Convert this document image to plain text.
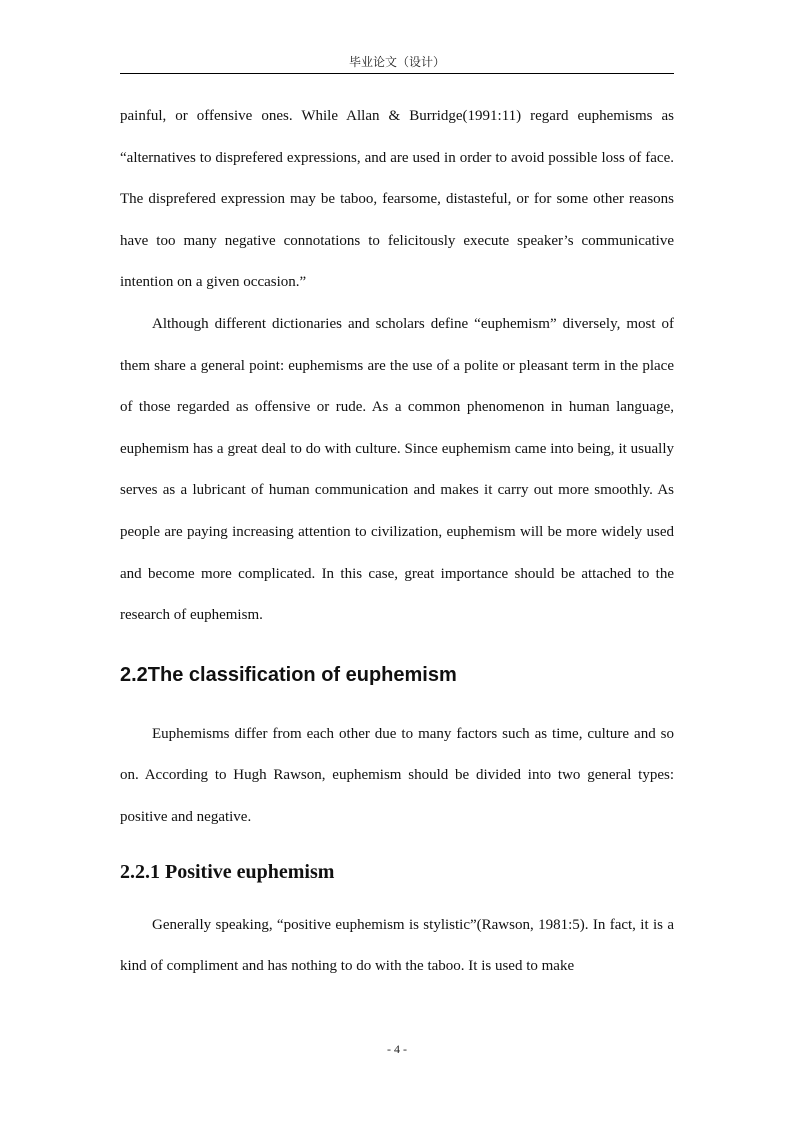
毕业论文（设计）

painful, or offensive ones. While Allan & Burridge(1991:11) regard euphemisms as “alternatives to disprefered expressions, and are used in order to avoid possible loss of face. The disprefered expression may be taboo, fearsome, distasteful, or for some other reasons have too many negative connotations to felicitously execute speaker’s communicative intention on a given occasion.”

Although different dictionaries and scholars define “euphemism” diversely, most of them share a general point: euphemisms are the use of a polite or pleasant term in the place of those regarded as offensive or rude. As a common phenomenon in human language, euphemism has a great deal to do with culture. Since euphemism came into being, it usually serves as a lubricant of human communication and makes it carry out more smoothly. As people are paying increasing attention to civilization, euphemism will be more widely used and become more complicated. In this case, great importance should be attached to the research of euphemism.

2.2The classification of euphemism

Euphemisms differ from each other due to many factors such as time, culture and so on. According to Hugh Rawson, euphemism should be divided into two general types: positive and negative.

2.2.1 Positive euphemism

Generally speaking, “positive euphemism is stylistic”(Rawson, 1981:5). In fact, it is a kind of compliment and has nothing to do with the taboo. It is used to make

- 4 -
